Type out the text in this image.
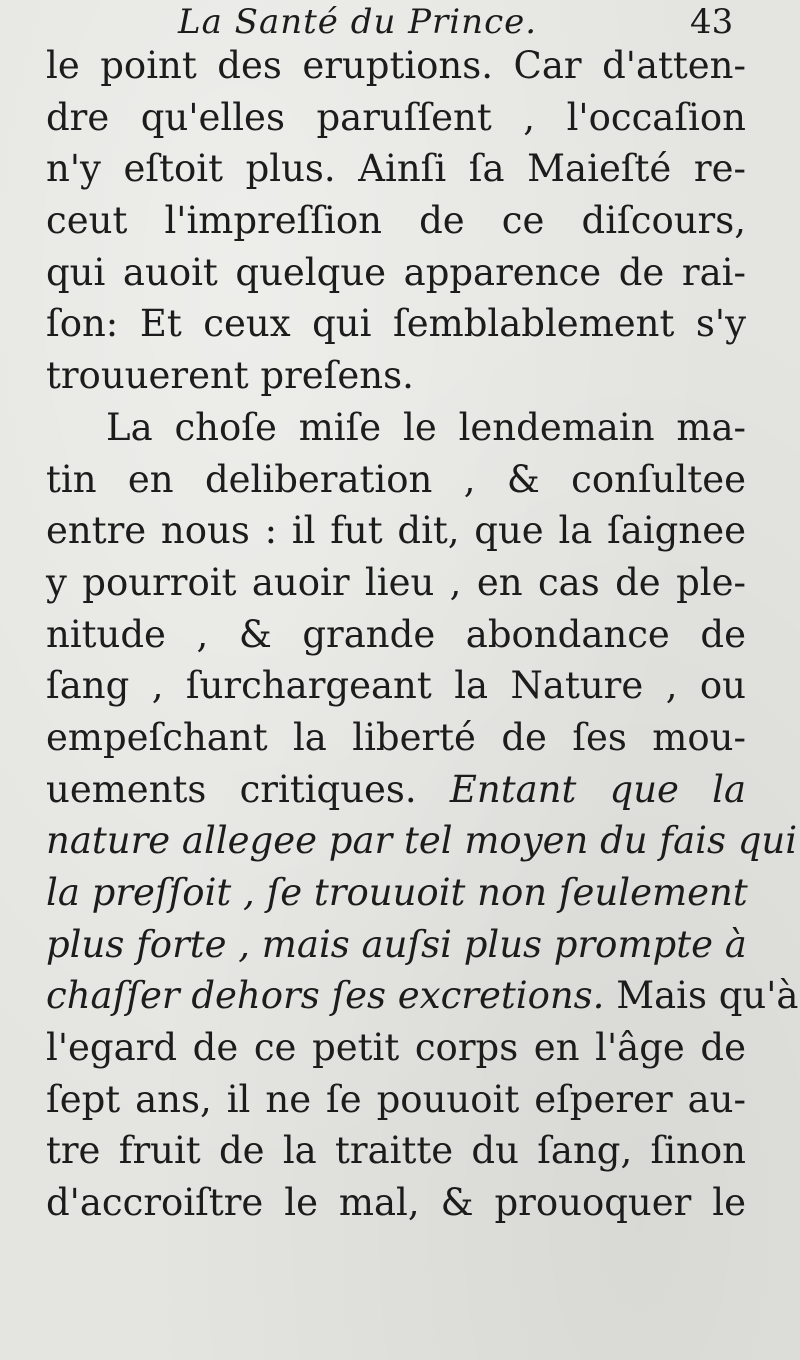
La Santé du Prince.	43
le point des eruptions. Car d'atten-
dre qu'elles paruſſent , l'occaſion
n'y eſtoit plus. Ainſi ſa Maieſté re-
ceut l'impreſſion de ce diſcours,
qui auoit quelque apparence de rai-
ſon: Et ceux qui ſemblablement s'y
trouuerent preſens.
La choſe miſe le lendemain ma-
tin en deliberation , & conſultee
entre nous : il fut dit, que la ſaignee
y pourroit auoir lieu , en cas de ple-
nitude , & grande abondance de
ſang , ſurchargeant la Nature , ou
empeſchant la liberté de ſes mou-
uements critiques. Entant que la
nature allegee par tel moyen du fais qui
la preſſoit , ſe trouuoit non ſeulement
plus forte , mais auſsi plus prompte à
chaſſer dehors ſes excretions. Mais qu'à
l'egard de ce petit corps en l'âge de
ſept ans, il ne ſe pouuoit eſperer au-
tre fruit de la traitte du ſang, ſinon
d'accroiſtre le mal, & prouoquer le
